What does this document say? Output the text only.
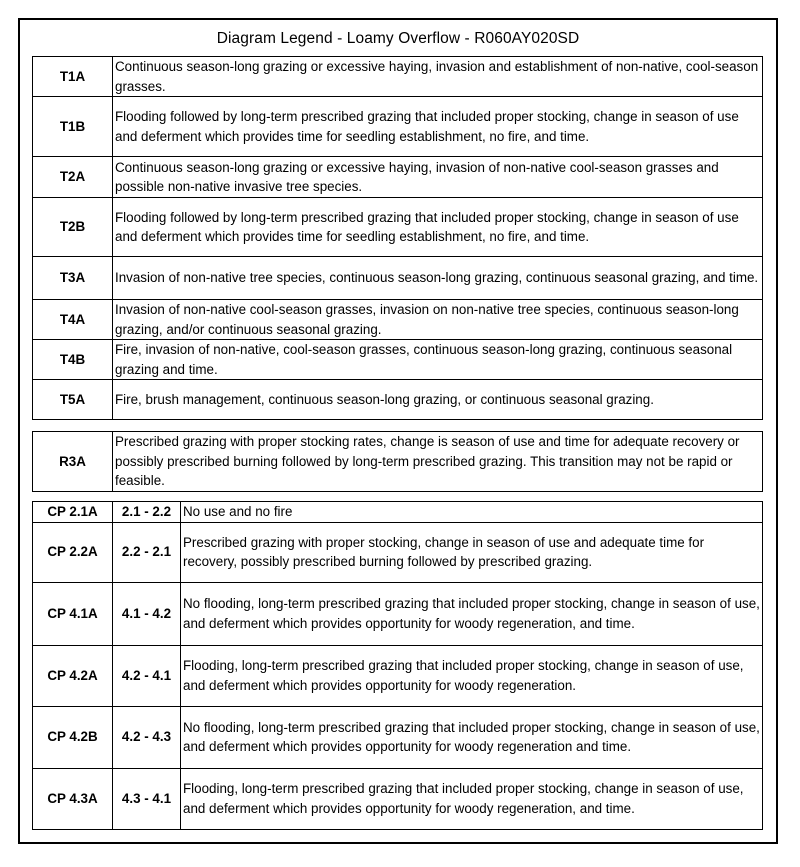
Diagram Legend - Loamy Overflow - R060AY020SD
T1A	Continuous season-long grazing or excessive haying, invasion and establishment of non-native, cool-season grasses.
T1B	Flooding followed by long-term prescribed grazing that included proper stocking, change in season of use and deferment which provides time for seedling establishment, no fire, and time.
T2A	Continuous season-long grazing or excessive haying, invasion of non-native cool-season grasses and possible non-native invasive tree species.
T2B	Flooding followed by long-term prescribed grazing that included proper stocking, change in season of use and deferment which provides time for seedling establishment, no fire, and time.
T3A	Invasion of non-native tree species, continuous season-long grazing, continuous seasonal grazing, and time.
T4A	Invasion of non-native cool-season grasses, invasion on non-native tree species, continuous season-long grazing, and/or continuous seasonal grazing.
T4B	Fire, invasion of non-native, cool-season grasses, continuous season-long grazing, continuous seasonal grazing and time.
T5A	Fire, brush management, continuous season-long grazing, or continuous seasonal grazing.
R3A	Prescribed grazing with proper stocking rates, change is season of use and time for adequate recovery or possibly prescribed burning followed by long-term prescribed grazing. This transition may not be rapid or feasible.
CP 2.1A	2.1 - 2.2	No use and no fire
CP 2.2A	2.2 - 2.1	Prescribed grazing with proper stocking, change in season of use and adequate time for recovery, possibly prescribed burning followed by prescribed grazing.
CP 4.1A	4.1 - 4.2	No flooding, long-term prescribed grazing that included proper stocking, change in season of use, and deferment which provides opportunity for woody regeneration, and time.
CP 4.2A	4.2 - 4.1	Flooding, long-term prescribed grazing that included proper stocking, change in season of use, and deferment which provides opportunity for woody regeneration.
CP 4.2B	4.2 - 4.3	No flooding, long-term prescribed grazing that included proper stocking, change in season of use, and deferment which provides opportunity for woody regeneration and time.
CP 4.3A	4.3 - 4.1	Flooding, long-term prescribed grazing that included proper stocking, change in season of use, and deferment which provides opportunity for woody regeneration, and time.
